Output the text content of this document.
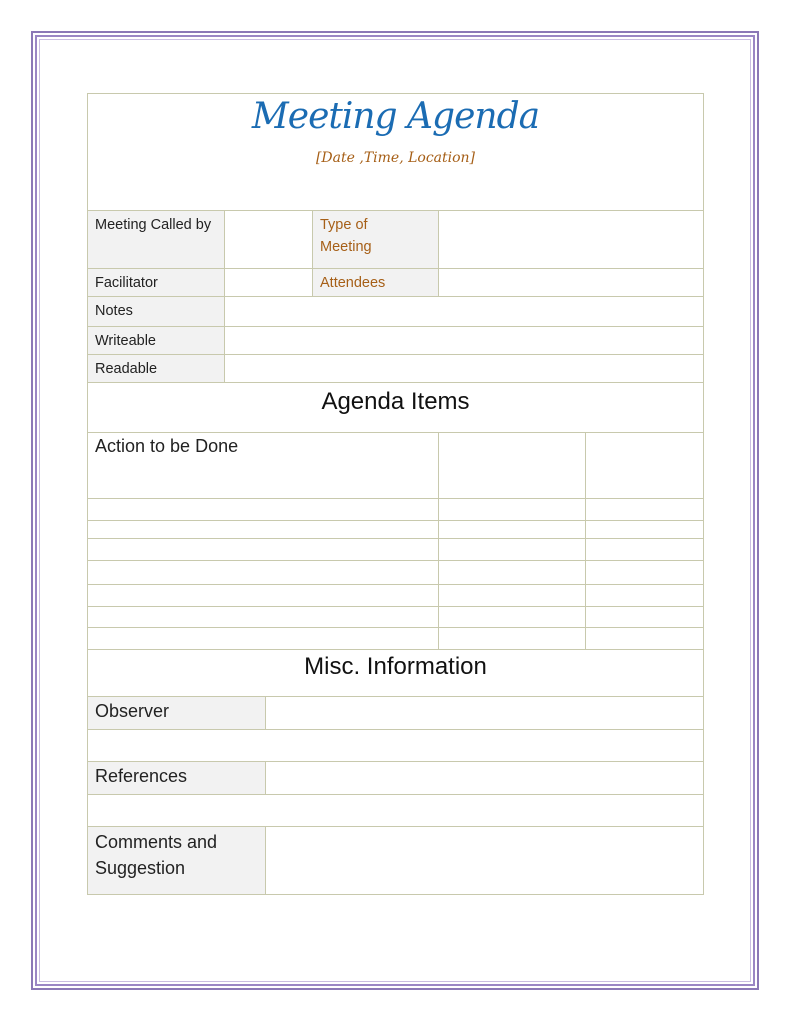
Meeting Agenda
[Date ,Time, Location]
Meeting Called by	Type of Meeting
Facilitator	Attendees
Notes
Writeable
Readable
Agenda Items
Action to be Done
Misc. Information
Observer
References
Comments and Suggestion
